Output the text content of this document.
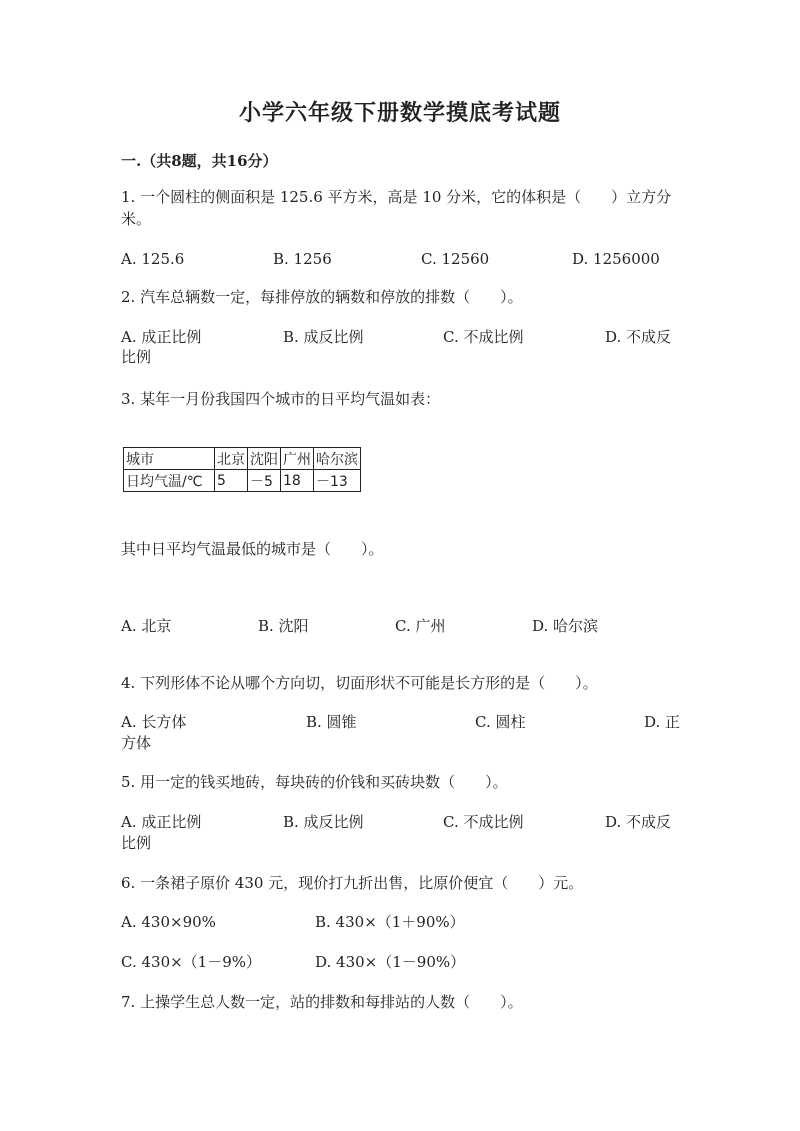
小学六年级下册数学摸底考试题
一.（共8题，共16分）
1. 一个圆柱的侧面积是 125.6 平方米，高是 10 分米，它的体积是（　　）立方分米。
A. 125.6	B. 1256	C. 12560	D. 1256000
2. 汽车总辆数一定，每排停放的辆数和停放的排数（　　）。
A. 成正比例	B. 成反比例	C. 不成比例	D. 不成反
比例
3. 某年一月份我国四个城市的日平均气温如表：
城市	北京	沈阳	广州	哈尔滨
日均气温/℃	5	－5	18	－13
其中日平均气温最低的城市是（　　）。
A. 北京	B. 沈阳	C. 广州	D. 哈尔滨
4. 下列形体不论从哪个方向切，切面形状不可能是长方形的是（　　）。
A. 长方体	B. 圆锥	C. 圆柱	D. 正
方体
5. 用一定的钱买地砖，每块砖的价钱和买砖块数（　　）。
A. 成正比例	B. 成反比例	C. 不成比例	D. 不成反
比例
6. 一条裙子原价 430 元，现价打九折出售，比原价便宜（　　）元。
A. 430×90%	B. 430×（1＋90%）
C. 430×（1－9%）	D. 430×（1－90%）
7. 上操学生总人数一定，站的排数和每排站的人数（　　）。
